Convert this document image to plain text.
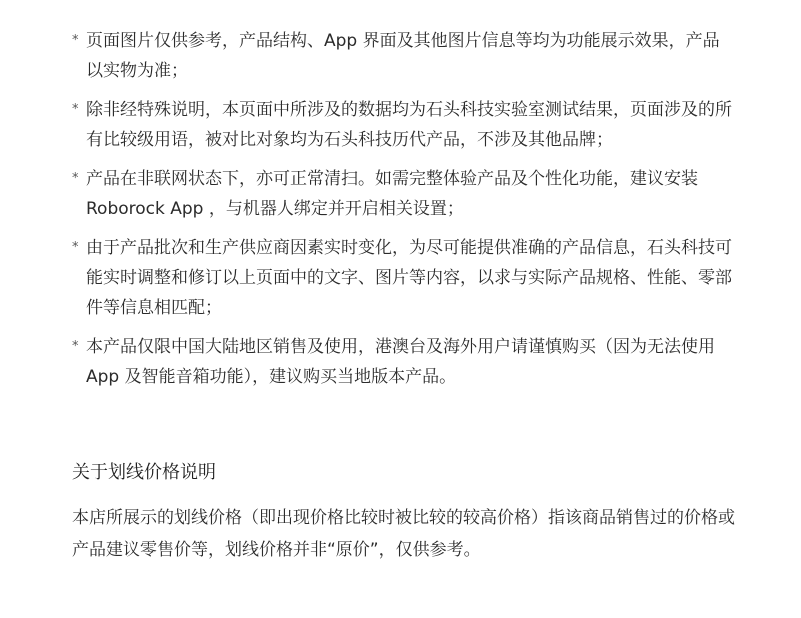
* 页面图片仅供参考，产品结构、App 界面及其他图片信息等均为功能展示效果，产品以实物为准；
* 除非经特殊说明，本页面中所涉及的数据均为石头科技实验室测试结果，页面涉及的所有比较级用语，被对比对象均为石头科技历代产品，不涉及其他品牌；
* 产品在非联网状态下，亦可正常清扫。如需完整体验产品及个性化功能，建议安装 Roborock App ，与机器人绑定并开启相关设置；
* 由于产品批次和生产供应商因素实时变化，为尽可能提供准确的产品信息，石头科技可能实时调整和修订以上页面中的文字、图片等内容，以求与实际产品规格、性能、零部件等信息相匹配；
* 本产品仅限中国大陆地区销售及使用，港澳台及海外用户请谨慎购买（因为无法使用 App 及智能音箱功能），建议购买当地版本产品。
关于划线价格说明

本店所展示的划线价格（即出现价格比较时被比较的较高价格）指该商品销售过的价格或产品建议零售价等，划线价格并非“原价”，仅供参考。
